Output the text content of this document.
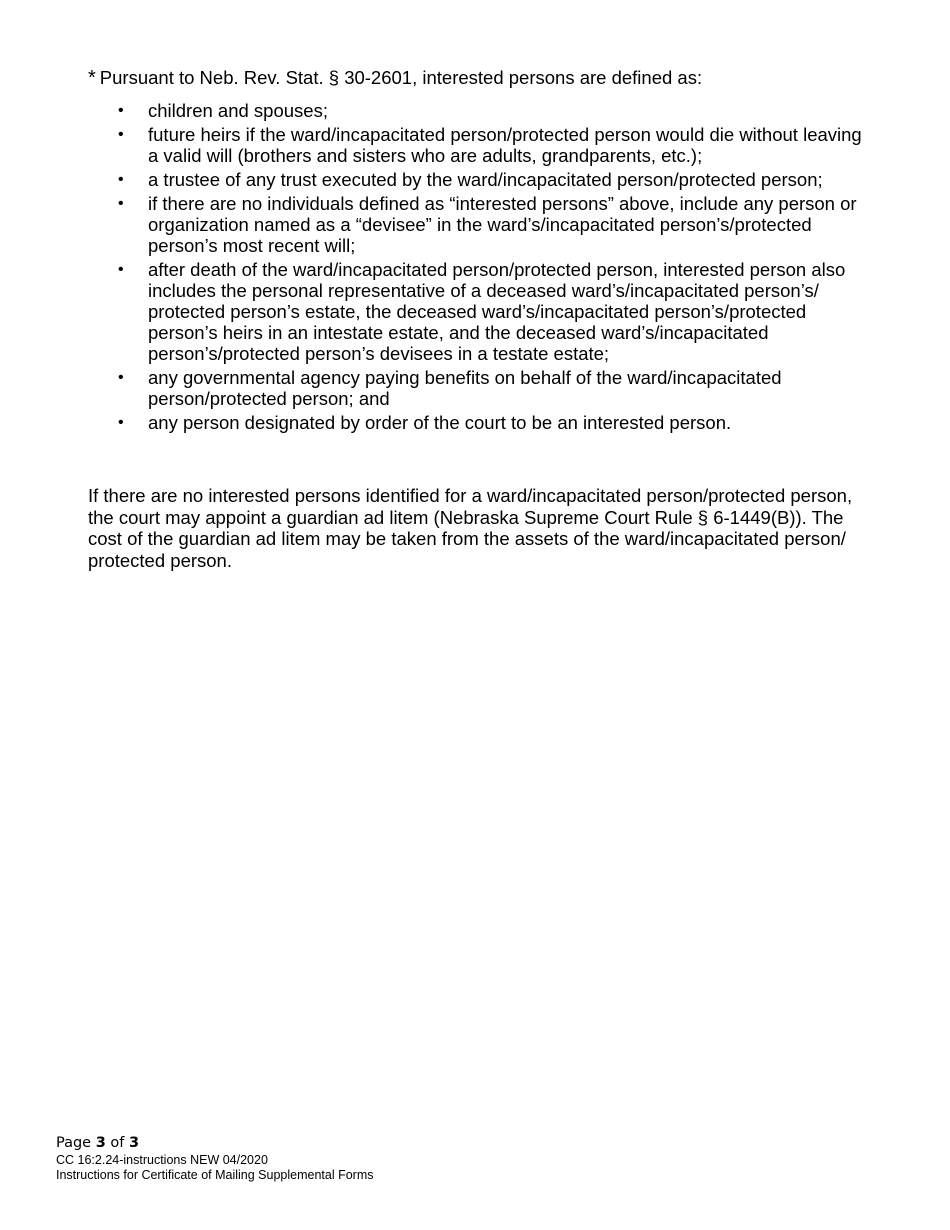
* Pursuant to Neb. Rev. Stat. § 30-2601, interested persons are defined as:

• children and spouses;
• future heirs if the ward/incapacitated person/protected person would die without leaving a valid will (brothers and sisters who are adults, grandparents, etc.);
• a trustee of any trust executed by the ward/incapacitated person/protected person;
• if there are no individuals defined as “interested persons” above, include any person or organization named as a “devisee” in the ward’s/incapacitated person’s/protected person’s most recent will;
• after death of the ward/incapacitated person/protected person, interested person also includes the personal representative of a deceased ward’s/incapacitated person’s/ protected person’s estate, the deceased ward’s/incapacitated person’s/protected person’s heirs in an intestate estate, and the deceased ward’s/incapacitated person’s/protected person’s devisees in a testate estate;
• any governmental agency paying benefits on behalf of the ward/incapacitated person/protected person; and
• any person designated by order of the court to be an interested person.

If there are no interested persons identified for a ward/incapacitated person/protected person, the court may appoint a guardian ad litem (Nebraska Supreme Court Rule § 6-1449(B)). The cost of the guardian ad litem may be taken from the assets of the ward/incapacitated person/ protected person.

Page 3 of 3
CC 16:2.24-instructions NEW 04/2020
Instructions for Certificate of Mailing Supplemental Forms
